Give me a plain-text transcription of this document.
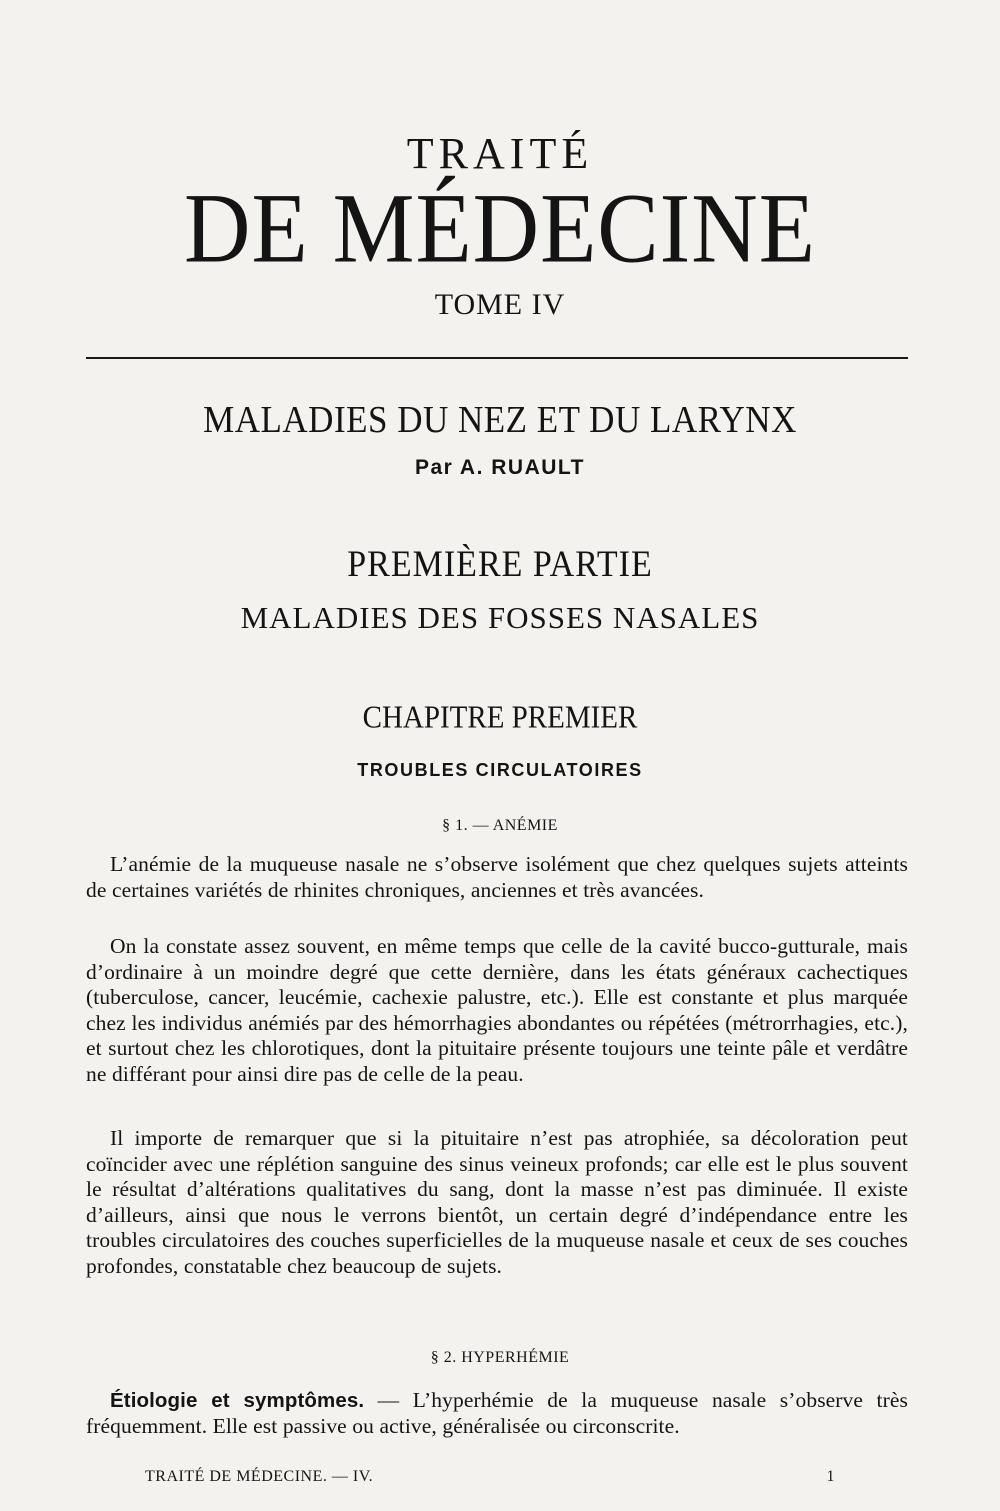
TRAITÉ
DE MÉDECINE
TOME IV
MALADIES DU NEZ ET DU LARYNX
Par A. RUAULT
PREMIÈRE PARTIE
MALADIES DES FOSSES NASALES
CHAPITRE PREMIER
TROUBLES CIRCULATOIRES
§ 1. — ANÉMIE

L’anémie de la muqueuse nasale ne s’observe isolément que chez quelques sujets atteints de certaines variétés de rhinites chroniques, anciennes et très avancées.

On la constate assez souvent, en même temps que celle de la cavité bucco-gutturale, mais d’ordinaire à un moindre degré que cette dernière, dans les états généraux cachectiques (tuberculose, cancer, leucémie, cachexie palustre, etc.). Elle est constante et plus marquée chez les individus anémiés par des hémorrhagies abondantes ou répétées (métrorrhagies, etc.), et surtout chez les chlorotiques, dont la pituitaire présente toujours une teinte pâle et verdâtre ne différant pour ainsi dire pas de celle de la peau.

Il importe de remarquer que si la pituitaire n’est pas atrophiée, sa décoloration peut coïncider avec une réplétion sanguine des sinus veineux profonds; car elle est le plus souvent le résultat d’altérations qualitatives du sang, dont la masse n’est pas diminuée. Il existe d’ailleurs, ainsi que nous le verrons bientôt, un certain degré d’indépendance entre les troubles circulatoires des couches superficielles de la muqueuse nasale et ceux de ses couches profondes, constatable chez beaucoup de sujets.

§ 2. HYPERHÉMIE

Étiologie et symptômes. — L’hyperhémie de la muqueuse nasale s’observe très fréquemment. Elle est passive ou active, généralisée ou circonscrite.

TRAITÉ DE MÉDECINE. — IV.	1
